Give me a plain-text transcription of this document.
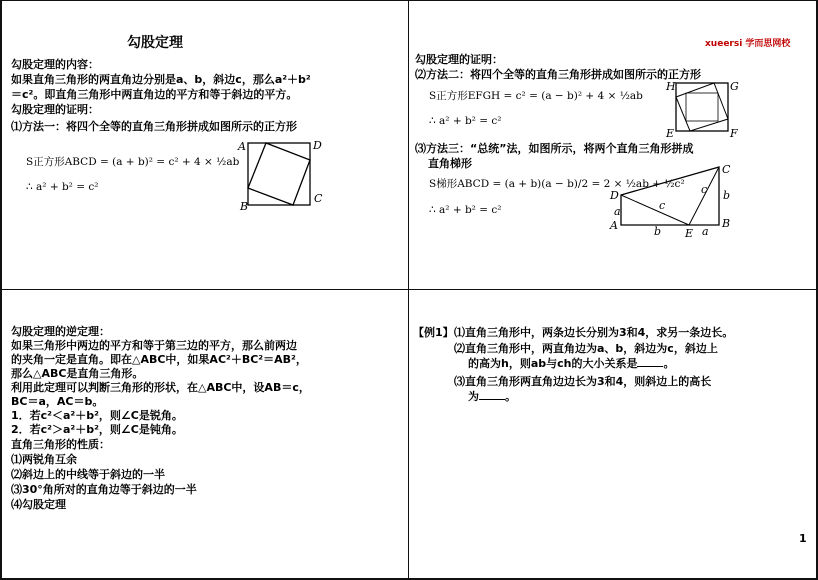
勾股定理
勾股定理的内容：
如果直角三角形的两直角边分别是a、b，斜边c，那么a²＋b²
＝c²。即直角三角形中两直角边的平方和等于斜边的平方。
勾股定理的证明：
⑴方法一：将四个全等的直角三角形拼成如图所示的正方形
S正方形ABCD = (a + b)² = c² + 4 × ½ab
∴ a² + b² = c²
A	D
B
C
xueersi 学而思网校
勾股定理的证明：
⑵方法二：将四个全等的直角三角形拼成如图所示的正方形
S正方形EFGH = c² = (a − b)² + 4 × ½ab
∴ a² + b² = c²
H	G
E	F
⑶方法三：“总统”法，如图所示，将两个直角三角形拼成
直角梯形
S梯形ABCD = (a + b)(a − b)/2 = 2 × ½ab + ½c²
∴ a² + b² = c²
C
D
A
E
B
a
b	a
b
c
c
勾股定理的逆定理：
如果三角形中两边的平方和等于第三边的平方，那么前两边
的夹角一定是直角。即在△ABC中，如果AC²＋BC²＝AB²，
那么△ABC是直角三角形。
利用此定理可以判断三角形的形状，在△ABC中，设AB＝c，
BC＝a，AC＝b。
1．若c²＜a²＋b²，则∠C是锐角。
2．若c²＞a²＋b²，则∠C是钝角。
直角三角形的性质：
⑴两锐角互余
⑵斜边上的中线等于斜边的一半
⑶30°角所对的直角边等于斜边的一半
⑷勾股定理
【例1】 ⑴直角三角形中，两条边长分别为3和4，求另一条边长。
⑵直角三角形中，两直角边为a、b，斜边为c，斜边上
的高为h，则ab与ch的大小关系是 。
⑶直角三角形两直角边边长为3和4，则斜边上的高长
为 。
1
